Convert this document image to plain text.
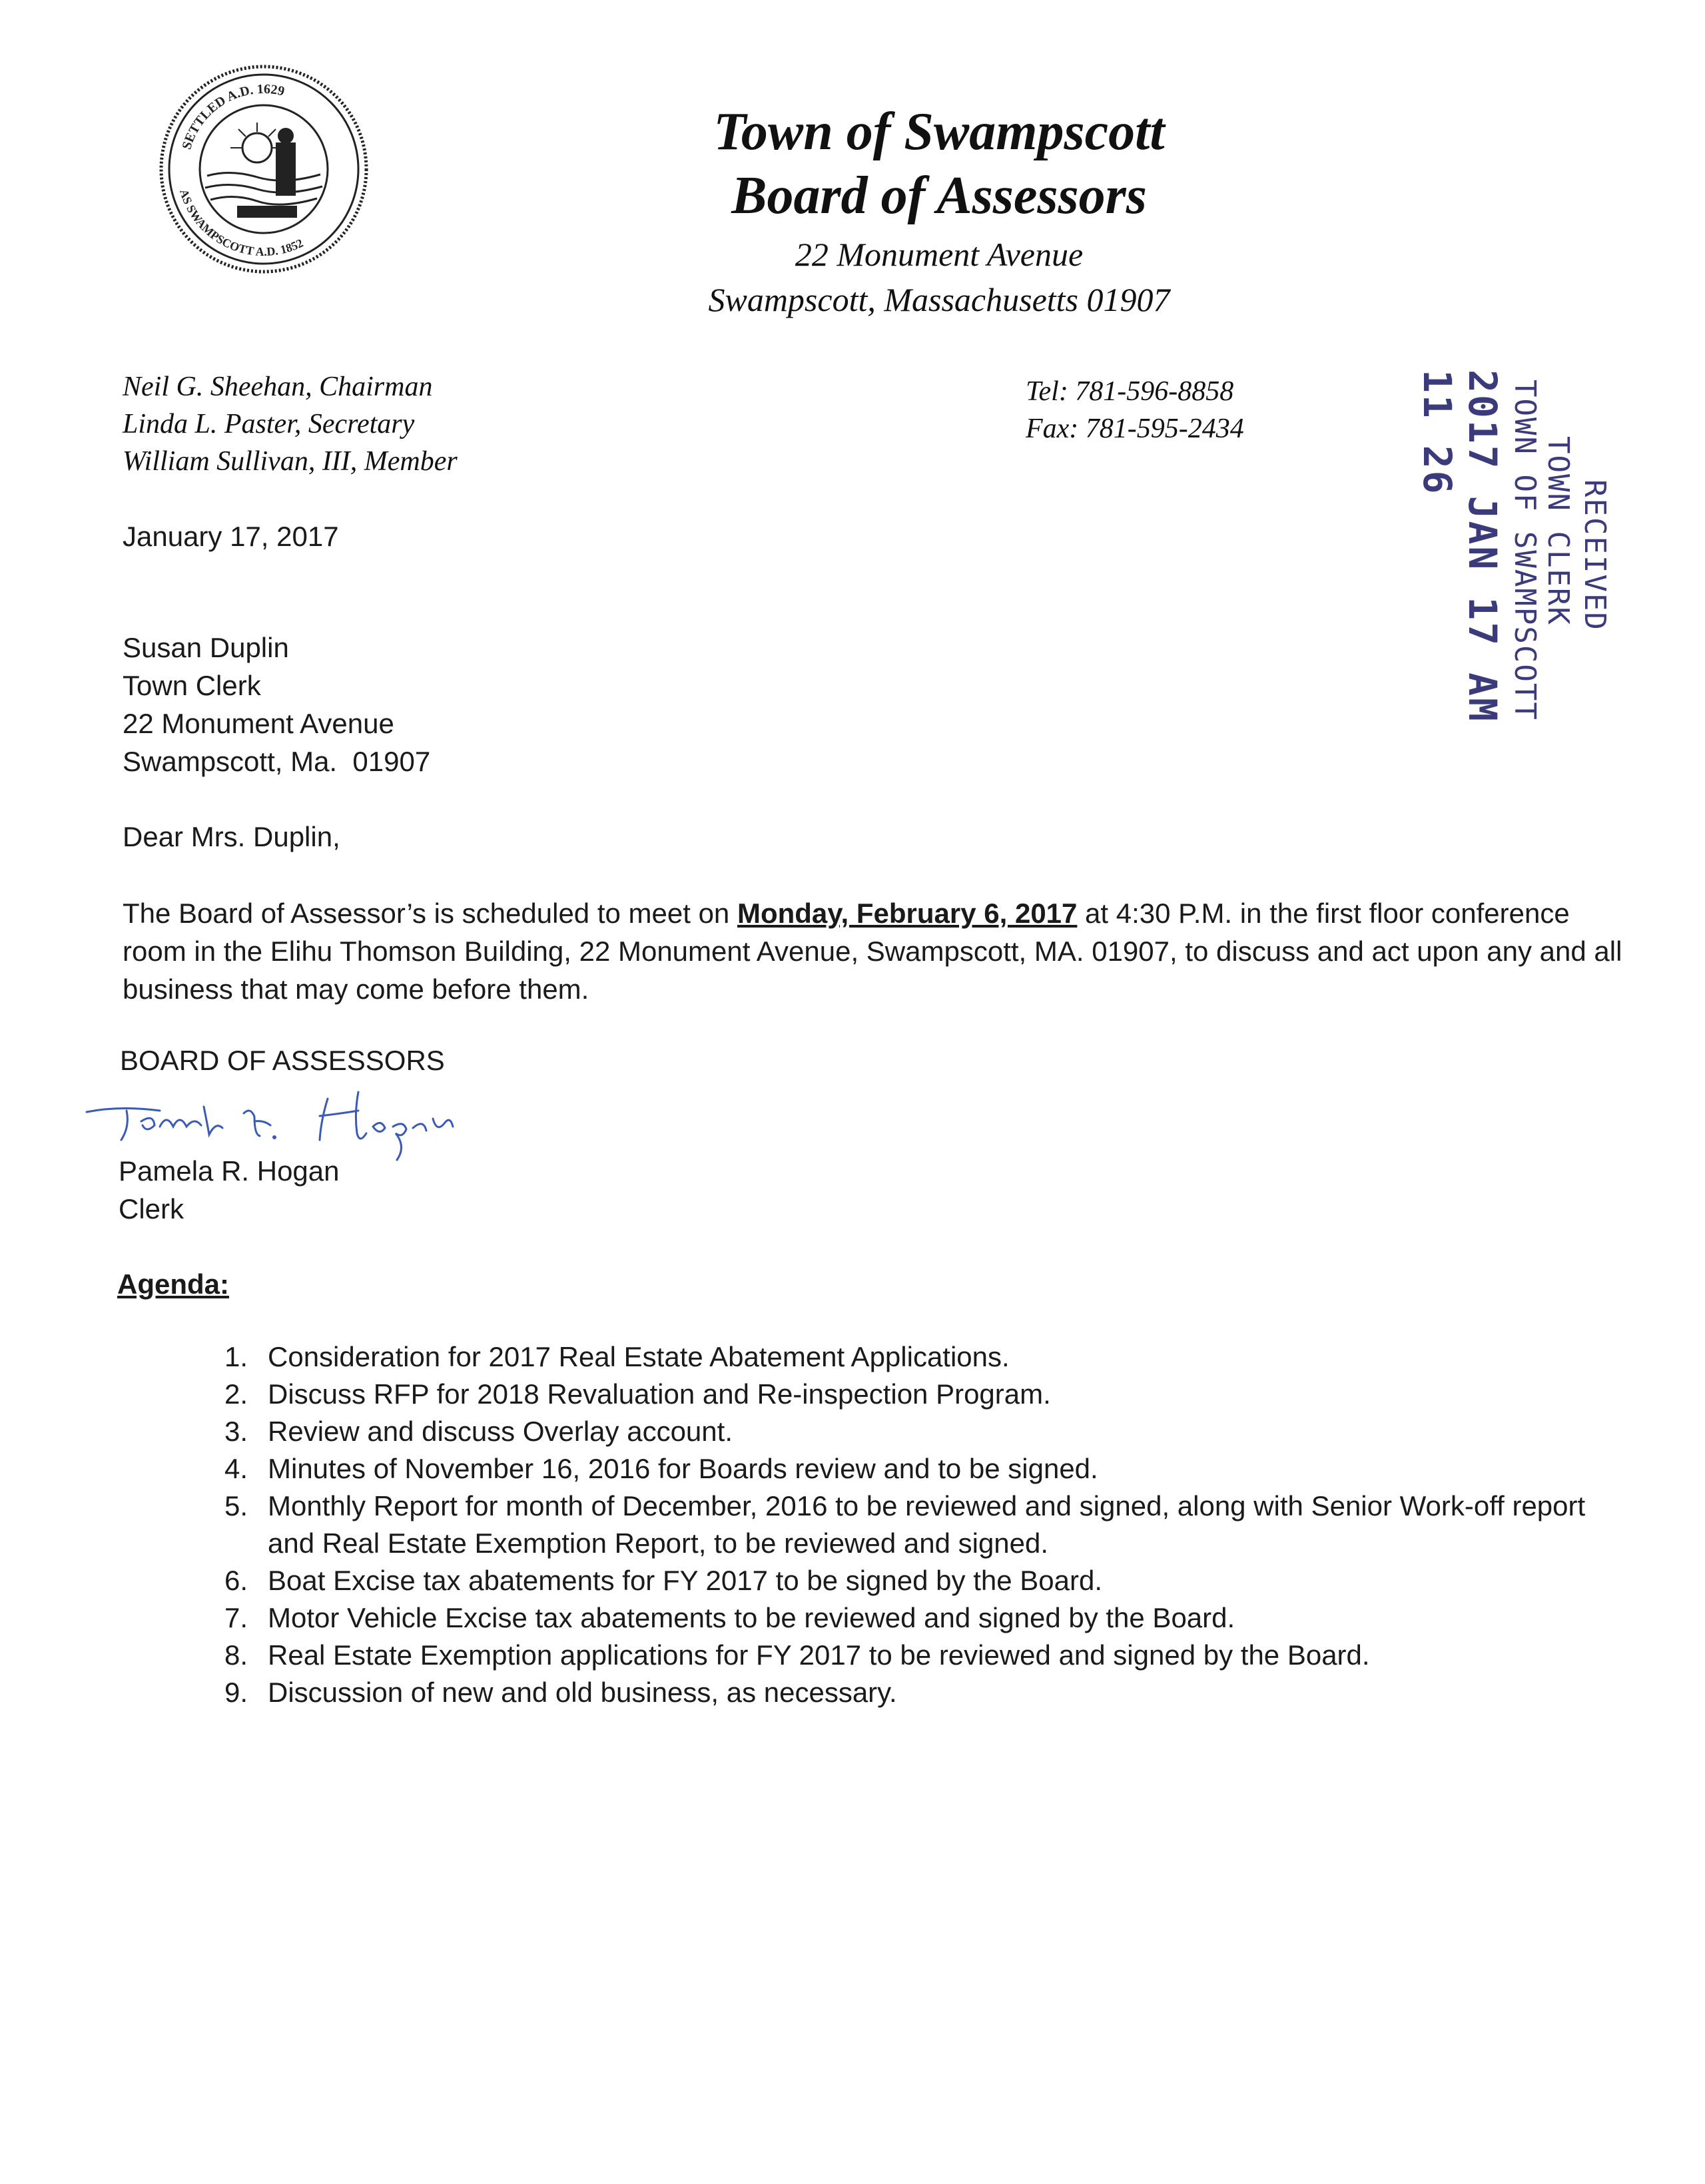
SETTLED A.D. 1629
AS SWAMPSCOTT A.D. 1852
Town of Swampscott
Board of Assessors
22 Monument Avenue
Swampscott, Massachusetts 01907
Neil G. Sheehan, Chairman
Linda L. Paster, Secretary
William Sullivan, III, Member
Tel: 781-596-8858
Fax: 781-595-2434
RECEIVED
TOWN CLERK
TOWN OF SWAMPSCOTT
2017 JAN 17 AM 11 26
January 17, 2017
Susan Duplin
Town Clerk
22 Monument Avenue
Swampscott, Ma.  01907
Dear Mrs. Duplin,
The Board of Assessor’s is scheduled to meet on Monday, February 6, 2017 at 4:30 P.M. in the first floor conference room in the Elihu Thomson Building, 22 Monument Avenue, Swampscott, MA. 01907, to discuss and act upon any and all business that may come before them.
BOARD OF ASSESSORS
Pamela R. Hogan
Clerk
Agenda:
1. Consideration for 2017 Real Estate Abatement Applications.
2. Discuss RFP for 2018 Revaluation and Re-inspection Program.
3. Review and discuss Overlay account.
4. Minutes of November 16, 2016 for Boards review and to be signed.
5. Monthly Report for month of December, 2016 to be reviewed and signed, along with Senior Work-off report and Real Estate Exemption Report, to be reviewed and signed.
6. Boat Excise tax abatements for FY 2017 to be signed by the Board.
7. Motor Vehicle Excise tax abatements to be reviewed and signed by the Board.
8. Real Estate Exemption applications for FY 2017 to be reviewed and signed by the Board.
9. Discussion of new and old business, as necessary.
